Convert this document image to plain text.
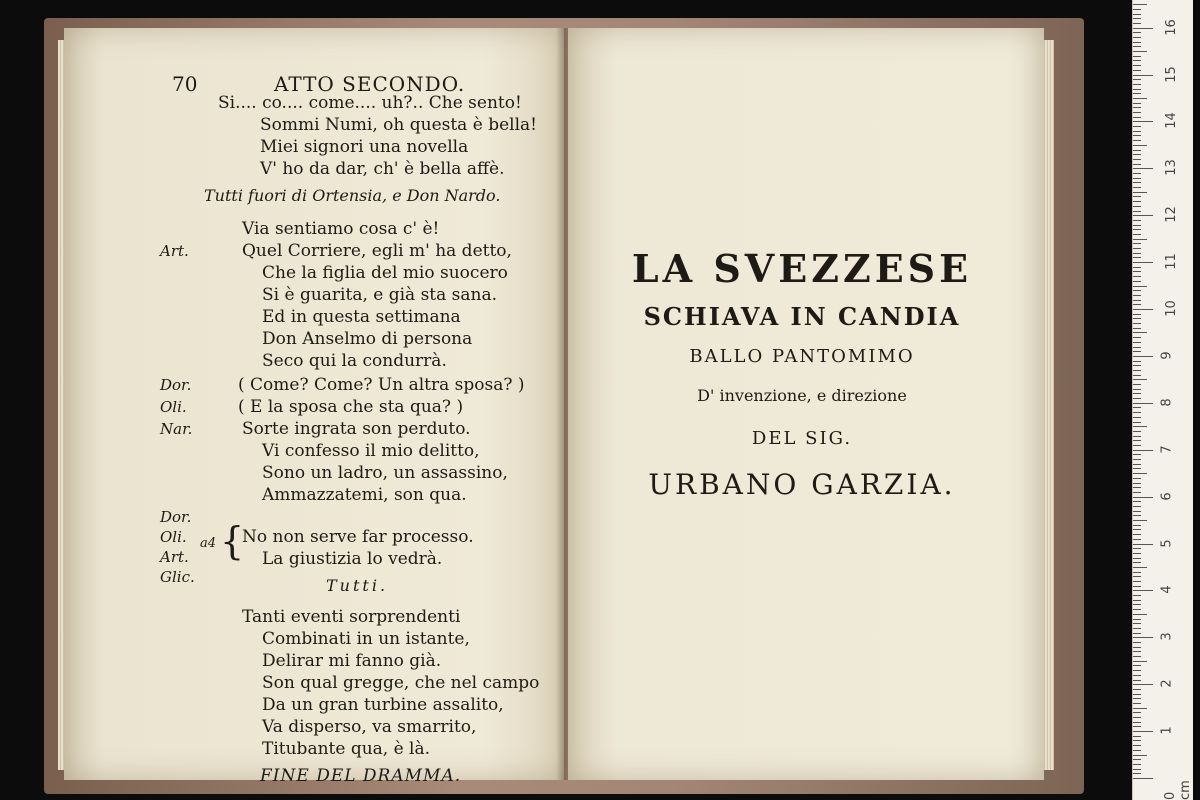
70	ATTO SECONDO.
Si.... co.... come.... uh?.. Che sento!
Sommi Numi, oh questa è bella!
Miei signori una novella
V' ho da dar, ch' è bella affè.
Tutti fuori di Ortensia, e Don Nardo.
Via sentiamo cosa c' è!
Art.	Quel Corriere, egli m' ha detto,
Che la figlia del mio suocero
Si è guarita, e già sta sana.
Ed in questa settimana
Don Anselmo di persona
Seco qui la condurrà.
Dor.	( Come? Come? Un altra sposa? )
Oli.	( E la sposa che sta qua? )
Nar.	Sorte ingrata son perduto.
Vi confesso il mio delitto,
Sono un ladro, un assassino,
Ammazzatemi, son qua.
Dor.
Oli.
Art.
Glic.
a4 {
No non serve far processo.
La giustizia lo vedrà.
Tutti.
Tanti eventi sorprendenti
Combinati in un istante,
Delirar mi fanno già.
Son qual gregge, che nel campo
Da un gran turbine assalito,
Va disperso, va smarrito,
Titubante qua, è là.
FINE DEL DRAMMA.
LA SVEZZESE
SCHIAVA IN CANDIA
BALLO PANTOMIMO
D' invenzione, e direzione
DEL SIG.
URBANO GARZIA.
0 cm
1
2
3
4
5
6
7
8
9
10
11
12
13
14
15
16
